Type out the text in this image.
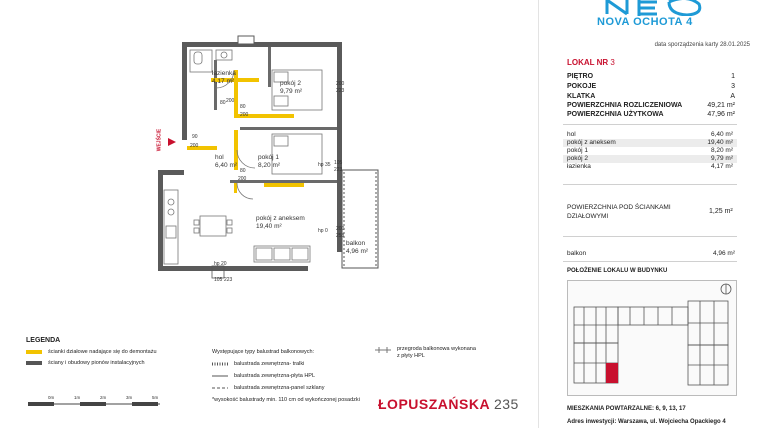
łazienka
4,17 m²	pokój 2
9,79 m²
hol
6,40 m²
pokój 1
8,20 m²
pokój z aneksem
19,40 m²
balkon
4,96 m²
WEJŚCIE
80 200
80
200
200
223
90
200
80
200
105
223
hp 35
200
253
hp 0
hp 20
105 223
LEGENDA
ścianki działowe nadające się do demontażu
ściany i obudowy pionów instalacyjnych
Występujące typy balustrad balkonowych:
balustrada zewnętrzna- tralki
balustrada zewnętrzna-płyta HPL
balustrada zewnętrzna-panel szklany
*wysokość balustrady min. 110 cm od wykończonej posadzki
przegroda balkonowa wykonana
z płyty HPL
0m	1m	2m	3m	5m	ŁOPUSZAŃSKA 235
NOVA OCHOTA 4
data sporządzenia karty 28.01.2025
LOKAL NR 3
PIĘTRO	1
POKOJE	3
KLATKA	A
POWIERZCHNIA ROZLICZENIOWA	49,21 m²
POWIERZCHNIA UŻYTKOWA	47,96 m²
hol	6,40 m²
pokój z aneksem	19,40 m²
pokój 1	8,20 m²
pokój 2	9,79 m²
łazienka	4,17 m²
POWIERZCHNIA POD ŚCIANKAMI
DZIAŁOWYMI
1,25 m²
balkon	4,96 m²
POŁOŻENIE LOKALU W BUDYNKU
MIESZKANIA POWTARZALNE: 6, 9, 13, 17
Adres inwestycji: Warszawa, ul. Wojciecha Opackiego 4
